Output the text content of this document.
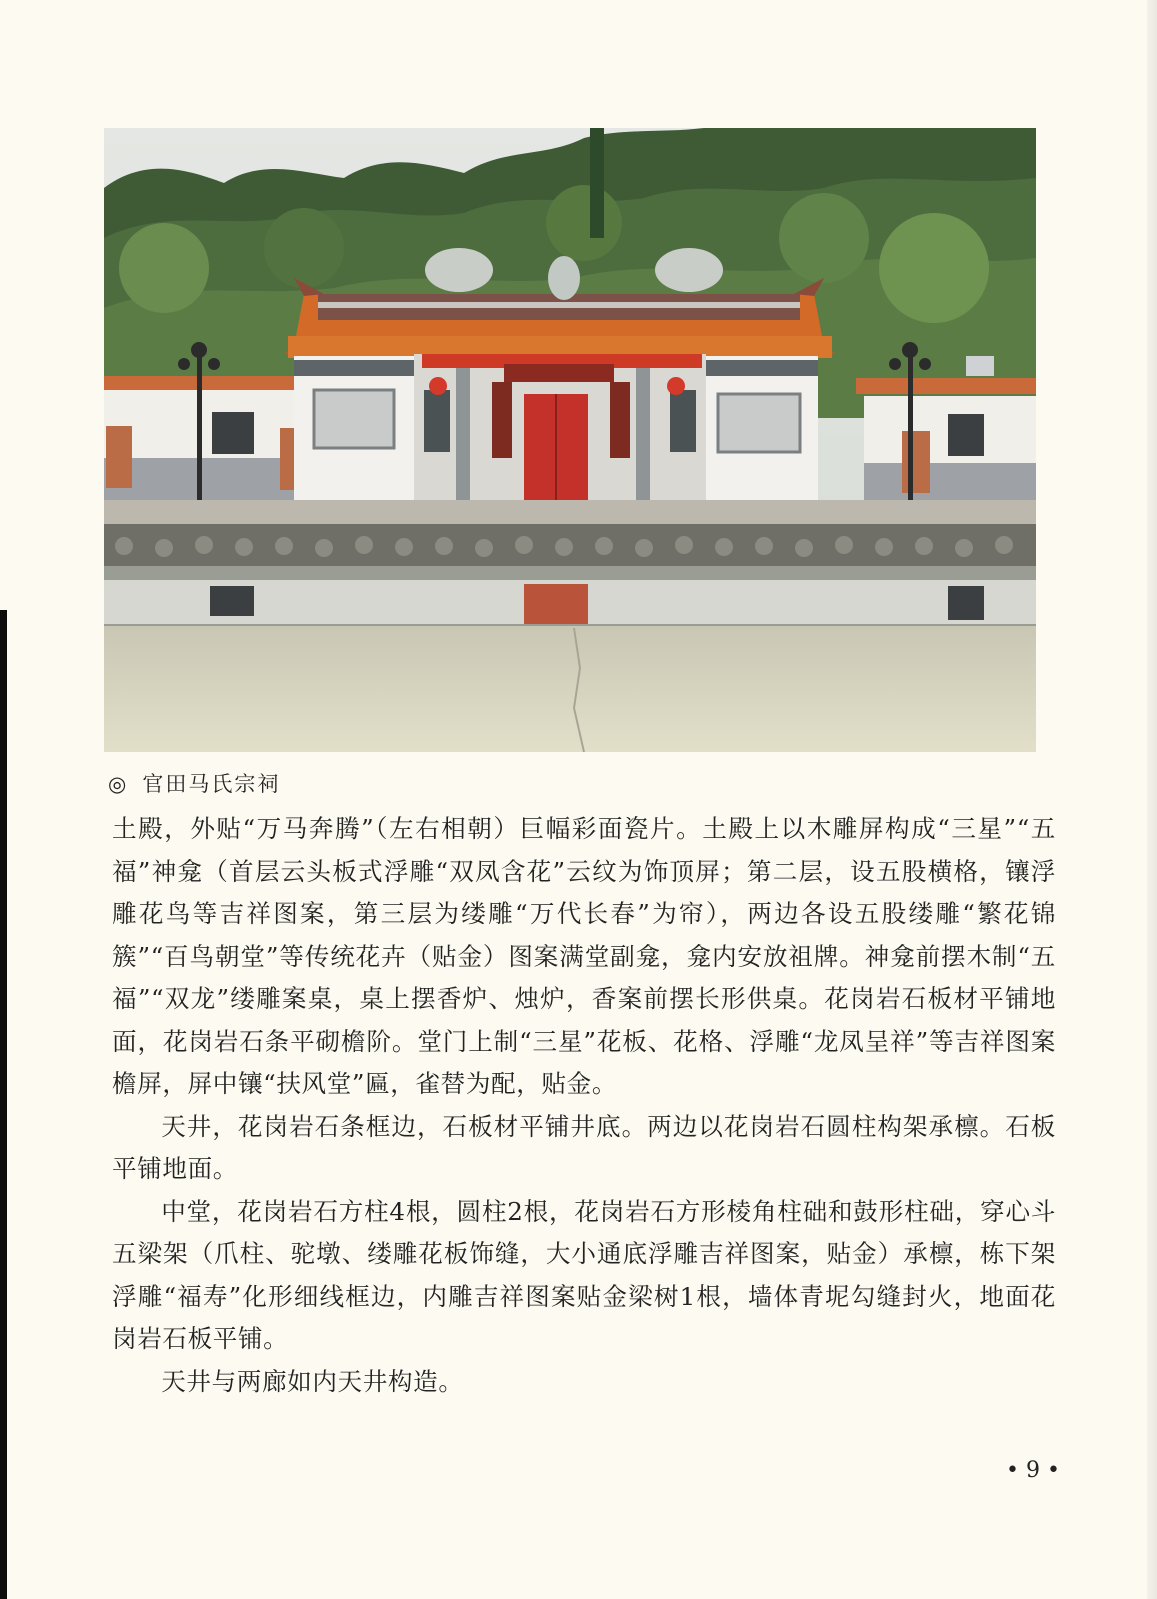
◎ 官田马氏宗祠

土殿，外贴“万马奔腾”（左右相朝）巨幅彩面瓷片。土殿上以木雕屏构成“三星”“五福”神龛（首层云头板式浮雕“双凤含花”云纹为饰顶屏；第二层，设五股横格，镶浮雕花鸟等吉祥图案，第三层为缕雕“万代长春”为帘），两边各设五股缕雕“繁花锦簇”“百鸟朝堂”等传统花卉（贴金）图案满堂副龛，龛内安放祖牌。神龛前摆木制“五福”“双龙”缕雕案桌，桌上摆香炉、烛炉，香案前摆长形供桌。花岗岩石板材平铺地面，花岗岩石条平砌檐阶。堂门上制“三星”花板、花格、浮雕“龙凤呈祥”等吉祥图案檐屏，屏中镶“扶风堂”匾，雀替为配，贴金。

天井，花岗岩石条框边，石板材平铺井底。两边以花岗岩石圆柱构架承檩。石板平铺地面。

中堂，花岗岩石方柱4根，圆柱2根，花岗岩石方形棱角柱础和鼓形柱础，穿心斗五梁架（爪柱、驼墩、缕雕花板饰缝，大小通底浮雕吉祥图案，贴金）承檩，栋下架浮雕“福寿”化形细线框边，内雕吉祥图案贴金梁树1根，墙体青坭勾缝封火，地面花岗岩石板平铺。

天井与两廊如内天井构造。

• 9 •
